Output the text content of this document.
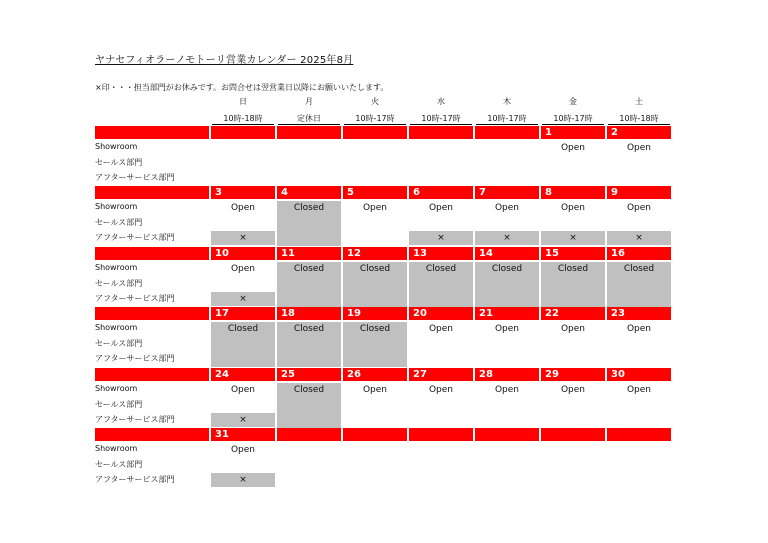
ヤナセフィオラーノモトーリ営業カレンダー 2025年8月
×印・・・担当部門がお休みです。お問合せは翌営業日以降にお願いいたします。
日
10時-18時
月
定休日
火
10時-17時
水
10時-17時
木
10時-17時
金
10時-17時
土
10時-18時
Showroom
セールス部門
アフターサービス部門
1
Open
2
Open
Showroom
セールス部門
アフターサービス部門
3
Open
×
4
Closed
5
Open
6
Open
×
7
Open
×
8
Open
×
9
Open
×
Showroom
セールス部門
アフターサービス部門
10
Open
×
11
Closed
12
Closed
13
Closed
14
Closed
15
Closed
16
Closed
Showroom
セールス部門
アフターサービス部門
17
Closed
18
Closed
19
Closed
20
Open
21
Open
22
Open
23
Open
Showroom
セールス部門
アフターサービス部門
24
Open
×
25
Closed
26
Open
27
Open
28
Open
29
Open
30
Open
Showroom
セールス部門
アフターサービス部門
31
Open
×
